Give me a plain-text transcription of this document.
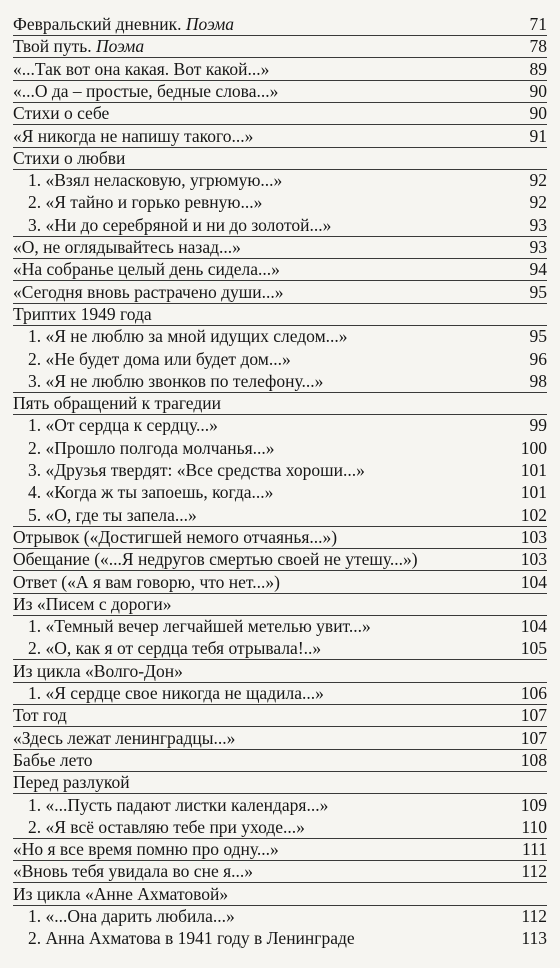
Февральский дневник. Поэма	71
Твой путь. Поэма	78
«...Так вот она какая. Вот какой...»	89
«...О да – простые, бедные слова...»	90
Стихи о себе	90
«Я никогда не напишу такого...»	91
Стихи о любви
1. «Взял неласковую, угрюмую...»	92
2. «Я тайно и горько ревную...»	92
3. «Ни до серебряной и ни до золотой...»	93
«О, не оглядывайтесь назад...»	93
«На собранье целый день сидела...»	94
«Сегодня вновь растрачено души...»	95
Триптих 1949 года
1. «Я не люблю за мной идущих следом...»	95
2. «Не будет дома или будет дом...»	96
3. «Я не люблю звонков по телефону...»	98
Пять обращений к трагедии
1. «От сердца к сердцу...»	99
2. «Прошло полгода молчанья...»	100
3. «Друзья твердят: «Все средства хороши...»	101
4. «Когда ж ты запоешь, когда...»	101
5. «О, где ты запела...»	102
Отрывок («Достигшей немого отчаянья...»)	103
Обещание («...Я недругов смертью своей не утешу...»)	103
Ответ («А я вам говорю, что нет...»)	104
Из «Писем с дороги»
1. «Темный вечер легчайшей метелью увит...»	104
2. «О, как я от сердца тебя отрывала!..»	105
Из цикла «Волго-Дон»
1. «Я сердце свое никогда не щадила...»	106
Тот год	107
«Здесь лежат ленинградцы...»	107
Бабье лето	108
Перед разлукой
1. «...Пусть падают листки календаря...»	109
2. «Я всё оставляю тебе при уходе...»	110
«Но я все время помню про одну...»	111
«Вновь тебя увидала во сне я...»	112
Из цикла «Анне Ахматовой»
1. «...Она дарить любила...»	112
2. Анна Ахматова в 1941 году в Ленинграде	113
